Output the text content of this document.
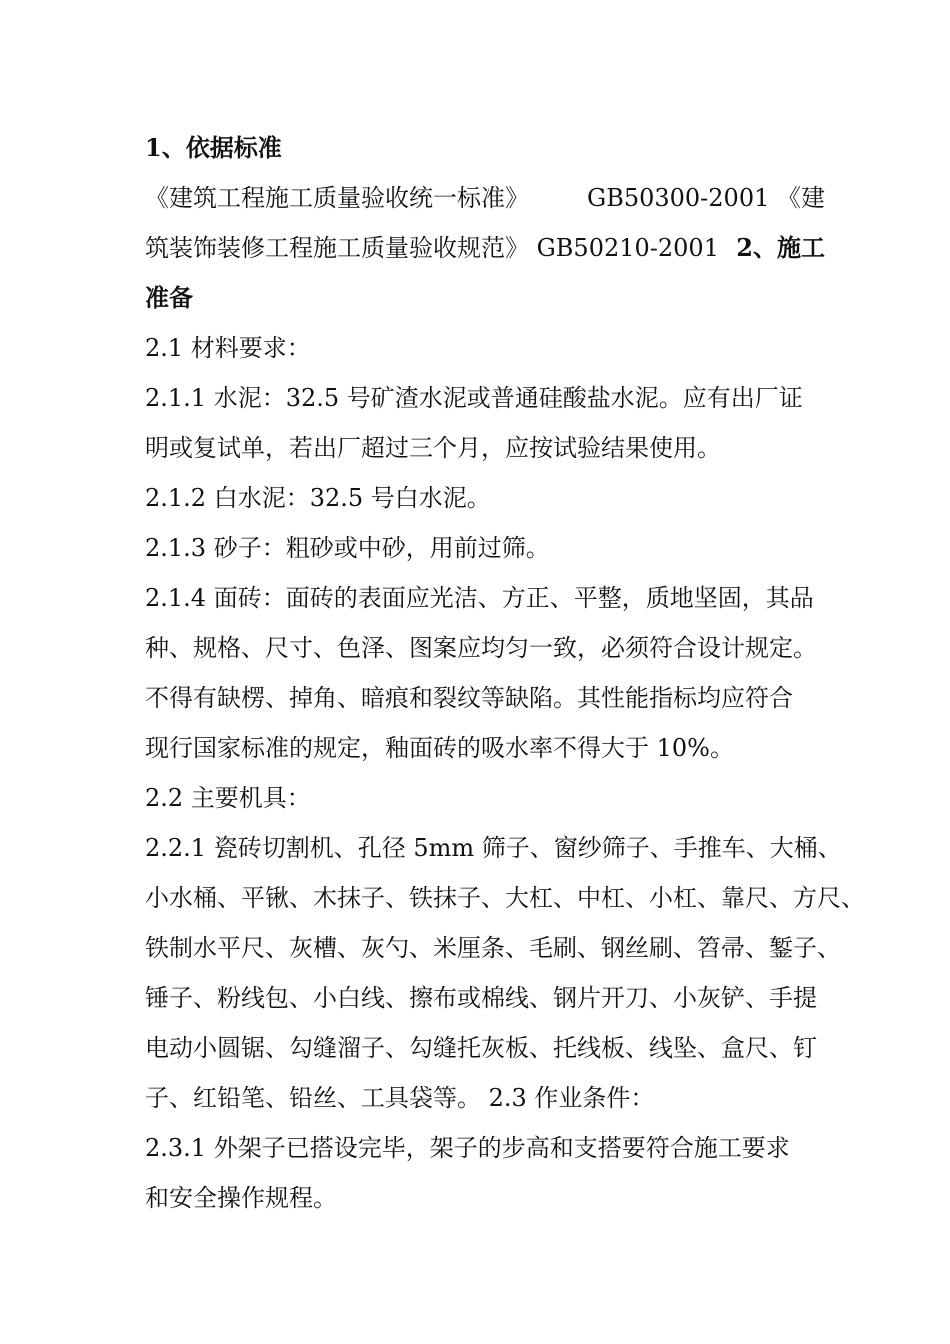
1、依据标准
《建筑工程施工质量验收统一标准》 GB50300-2001 《建
筑装饰装修工程施工质量验收规范》 GB50210-2001 2、施工
准备
2.1 材料要求：
2.1.1 水泥：32.5 号矿渣水泥或普通硅酸盐水泥。应有出厂证
明或复试单，若出厂超过三个月，应按试验结果使用。
2.1.2 白水泥：32.5 号白水泥。
2.1.3 砂子：粗砂或中砂，用前过筛。
2.1.4 面砖：面砖的表面应光洁、方正、平整，质地坚固，其品
种、规格、尺寸、色泽、图案应均匀一致，必须符合设计规定。
不得有缺楞、掉角、暗痕和裂纹等缺陷。其性能指标均应符合
现行国家标准的规定，釉面砖的吸水率不得大于 10%。
2.2 主要机具：
2.2.1 瓷砖切割机、孔径 5mm 筛子、窗纱筛子、手推车、大桶、
小水桶、平锹、木抹子、铁抹子、大杠、中杠、小杠、靠尺、方尺、
铁制水平尺、灰槽、灰勺、米厘条、毛刷、钢丝刷、笤帚、錾子、
锤子、粉线包、小白线、擦布或棉线、钢片开刀、小灰铲、手提
电动小圆锯、勾缝溜子、勾缝托灰板、托线板、线坠、盒尺、钉
子、红铅笔、铅丝、工具袋等。 2.3 作业条件：
2.3.1 外架子已搭设完毕，架子的步高和支搭要符合施工要求
和安全操作规程。
